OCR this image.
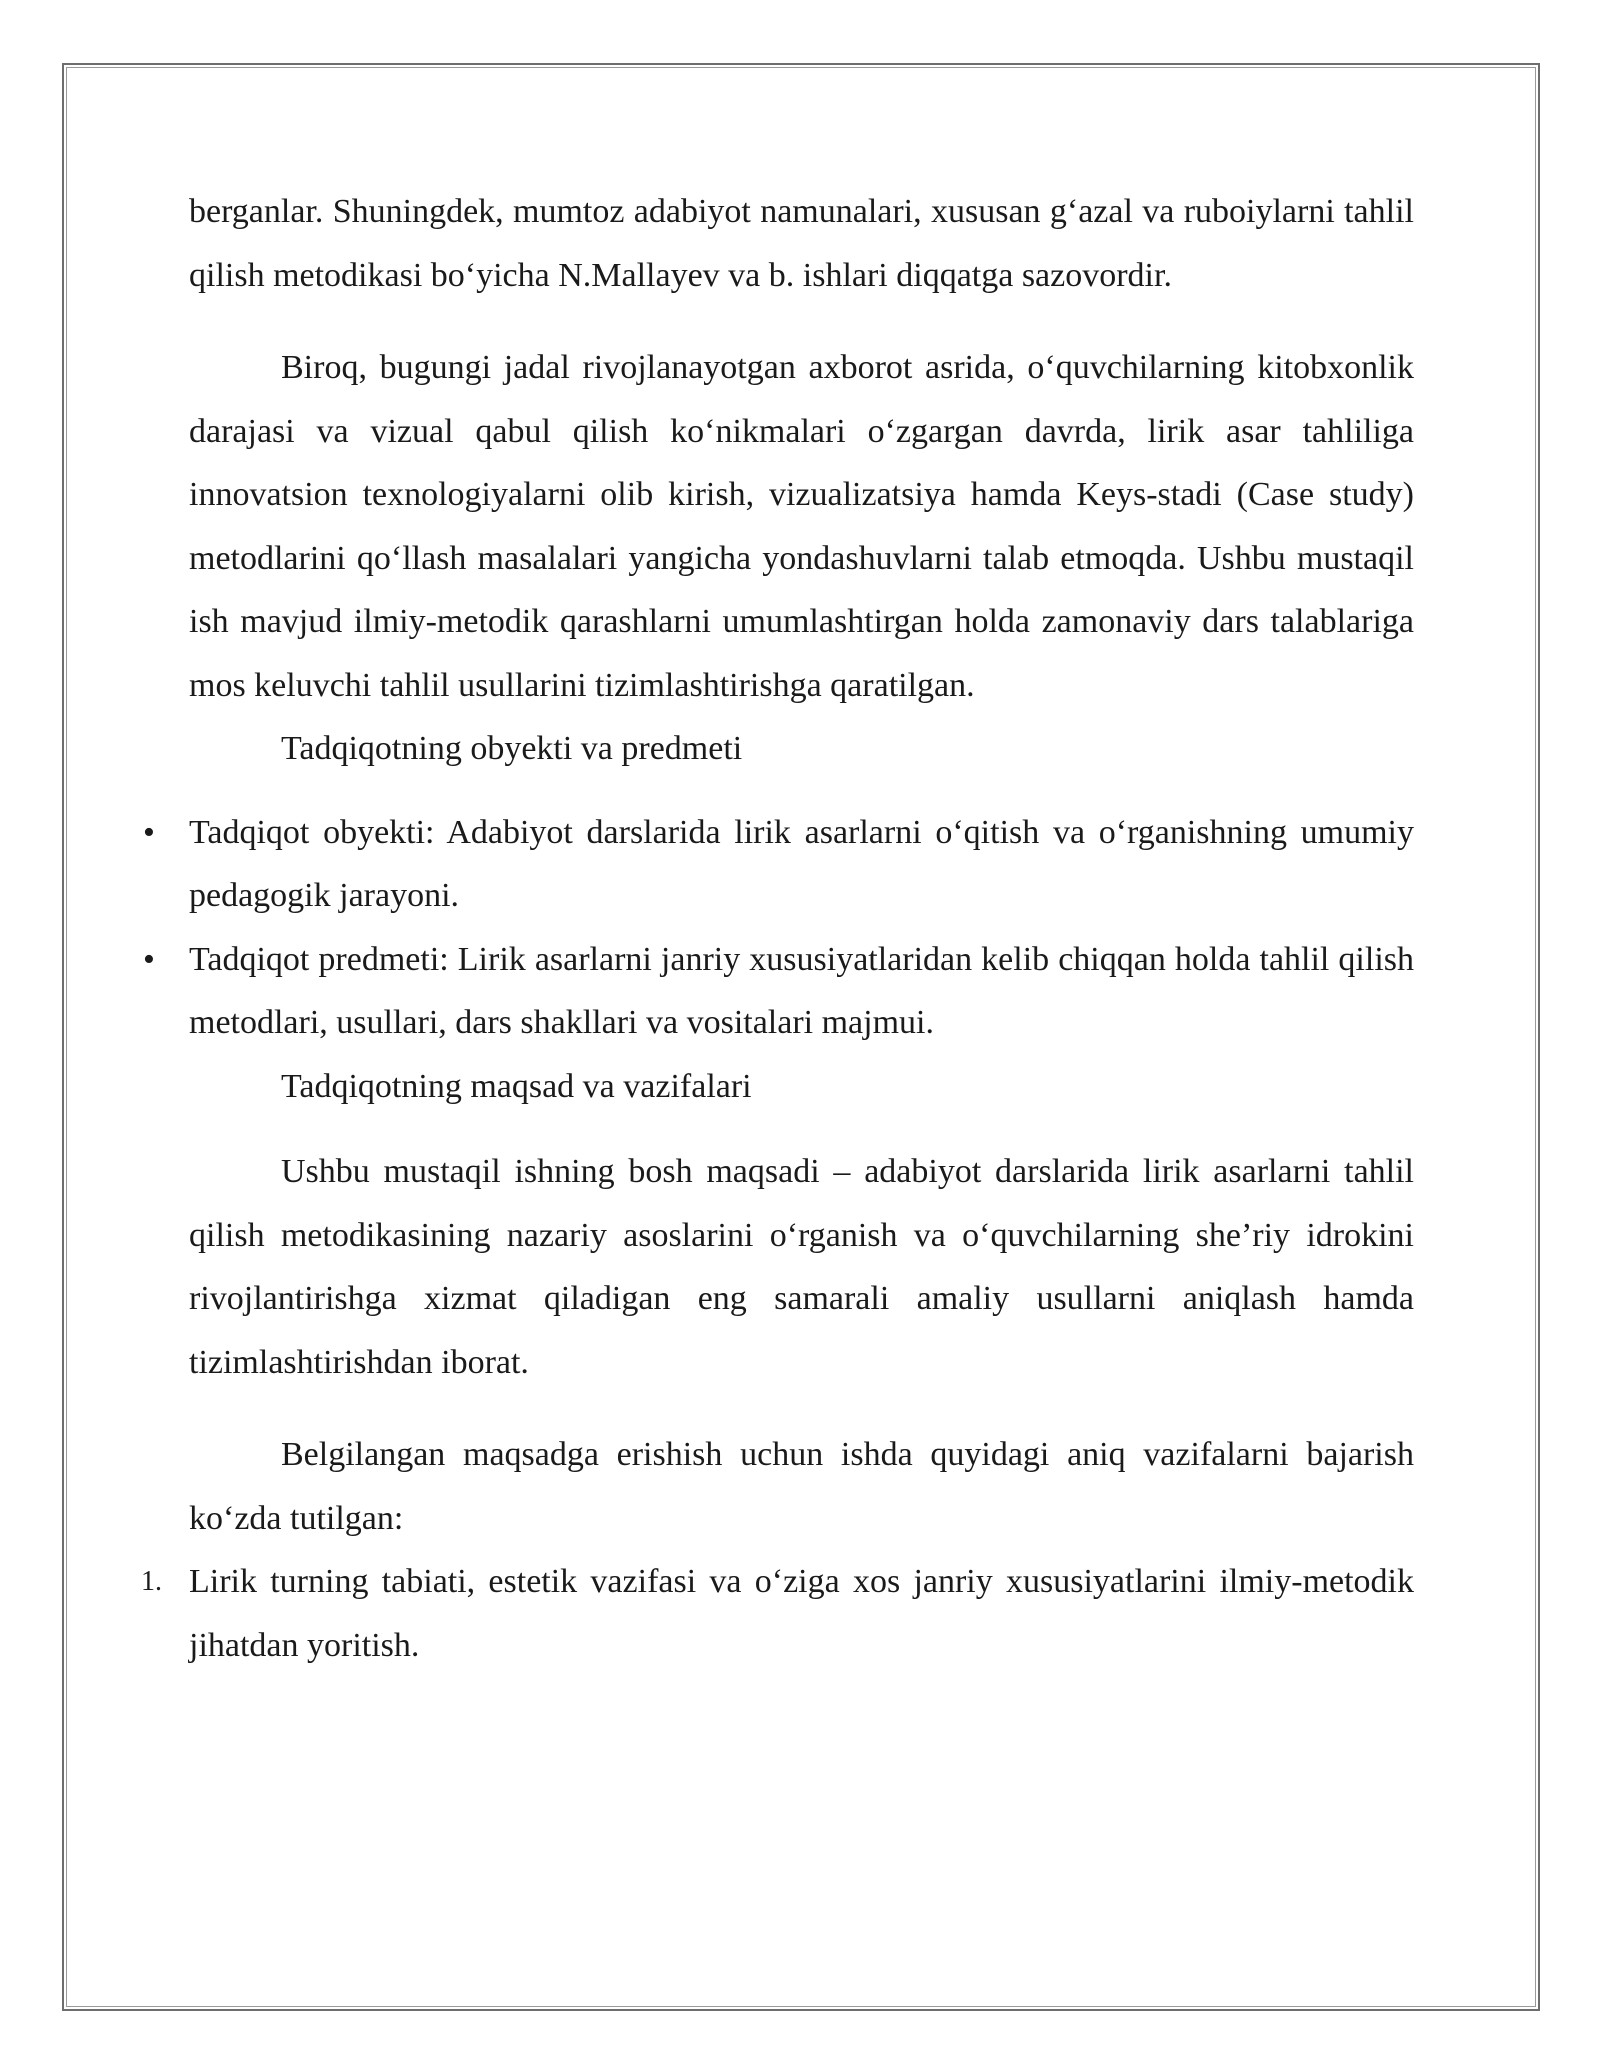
berganlar. Shuningdek, mumtoz adabiyot namunalari, xususan g‘azal va ruboiylarni tahlil qilish metodikasi bo‘yicha N.Mallayev va b. ishlari diqqatga sazovordir.

Biroq, bugungi jadal rivojlanayotgan axborot asrida, o‘quvchilarning kitobxonlik darajasi va vizual qabul qilish ko‘nikmalari o‘zgargan davrda, lirik asar tahliliga innovatsion texnologiyalarni olib kirish, vizualizatsiya hamda Keys-stadi (Case study) metodlarini qo‘llash masalalari yangicha yondashuvlarni talab etmoqda. Ushbu mustaqil ish mavjud ilmiy-metodik qarashlarni umumlashtirgan holda zamonaviy dars talablariga mos keluvchi tahlil usullarini tizimlashtirishga qaratilgan.

Tadqiqotning obyekti va predmeti

• Tadqiqot obyekti: Adabiyot darslarida lirik asarlarni o‘qitish va o‘rganishning umumiy pedagogik jarayoni.
• Tadqiqot predmeti: Lirik asarlarni janriy xususiyatlaridan kelib chiqqan holda tahlil qilish metodlari, usullari, dars shakllari va vositalari majmui.

Tadqiqotning maqsad va vazifalari

Ushbu mustaqil ishning bosh maqsadi – adabiyot darslarida lirik asarlarni tahlil qilish metodikasining nazariy asoslarini o‘rganish va o‘quvchilarning she’riy idrokini rivojlantirishga xizmat qiladigan eng samarali amaliy usullarni aniqlash hamda tizimlashtirishdan iborat.

Belgilangan maqsadga erishish uchun ishda quyidagi aniq vazifalarni bajarish ko‘zda tutilgan:

1. Lirik turning tabiati, estetik vazifasi va o‘ziga xos janriy xususiyatlarini ilmiy-metodik jihatdan yoritish.
